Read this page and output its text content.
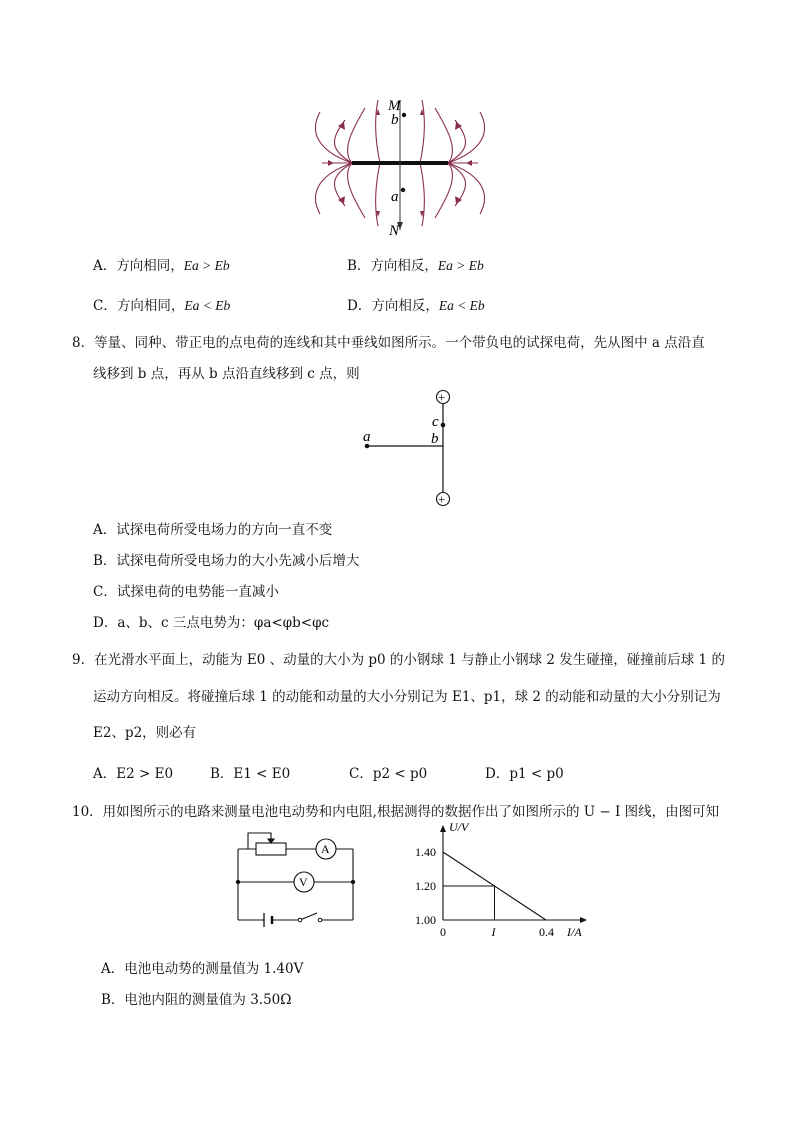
M
b
a
N
A．方向相同，Ea > Eb	B．方向相反，Ea > Eb
C．方向相同，Ea < Eb	D．方向相反，Ea < Eb
8．等量、同种、带正电的点电荷的连线和其中垂线如图所示。一个带负电的试探电荷，先从图中 a 点沿直
线移到 b 点，再从 b 点沿直线移到 c 点，则
+
+
a	b
c
A．试探电荷所受电场力的方向一直不变
B．试探电荷所受电场力的大小先减小后增大
C．试探电荷的电势能一直减小
D．a、b、c 三点电势为：φa<φb<φc
9．在光滑水平面上，动能为 E0 、动量的大小为 p0 的小钢球 1 与静止小钢球 2 发生碰撞，碰撞前后球 1 的
运动方向相反。将碰撞后球 1 的动能和动量的大小分别记为 E1、p1，球 2 的动能和动量的大小分别记为
E2、p2，则必有
A．E2 > E0	B．E1 < E0	C．p2 < p0	D．p1 < p0
10．用如图所示的电路来测量电池电动势和内电阻,根据测得的数据作出了如图所示的 U − I 图线，由图可知
A
V
1.00
1.20
1.40
0	I	0.4 I/A
U/V
A．电池电动势的测量值为 1.40V
B．电池内阻的测量值为 3.50Ω
